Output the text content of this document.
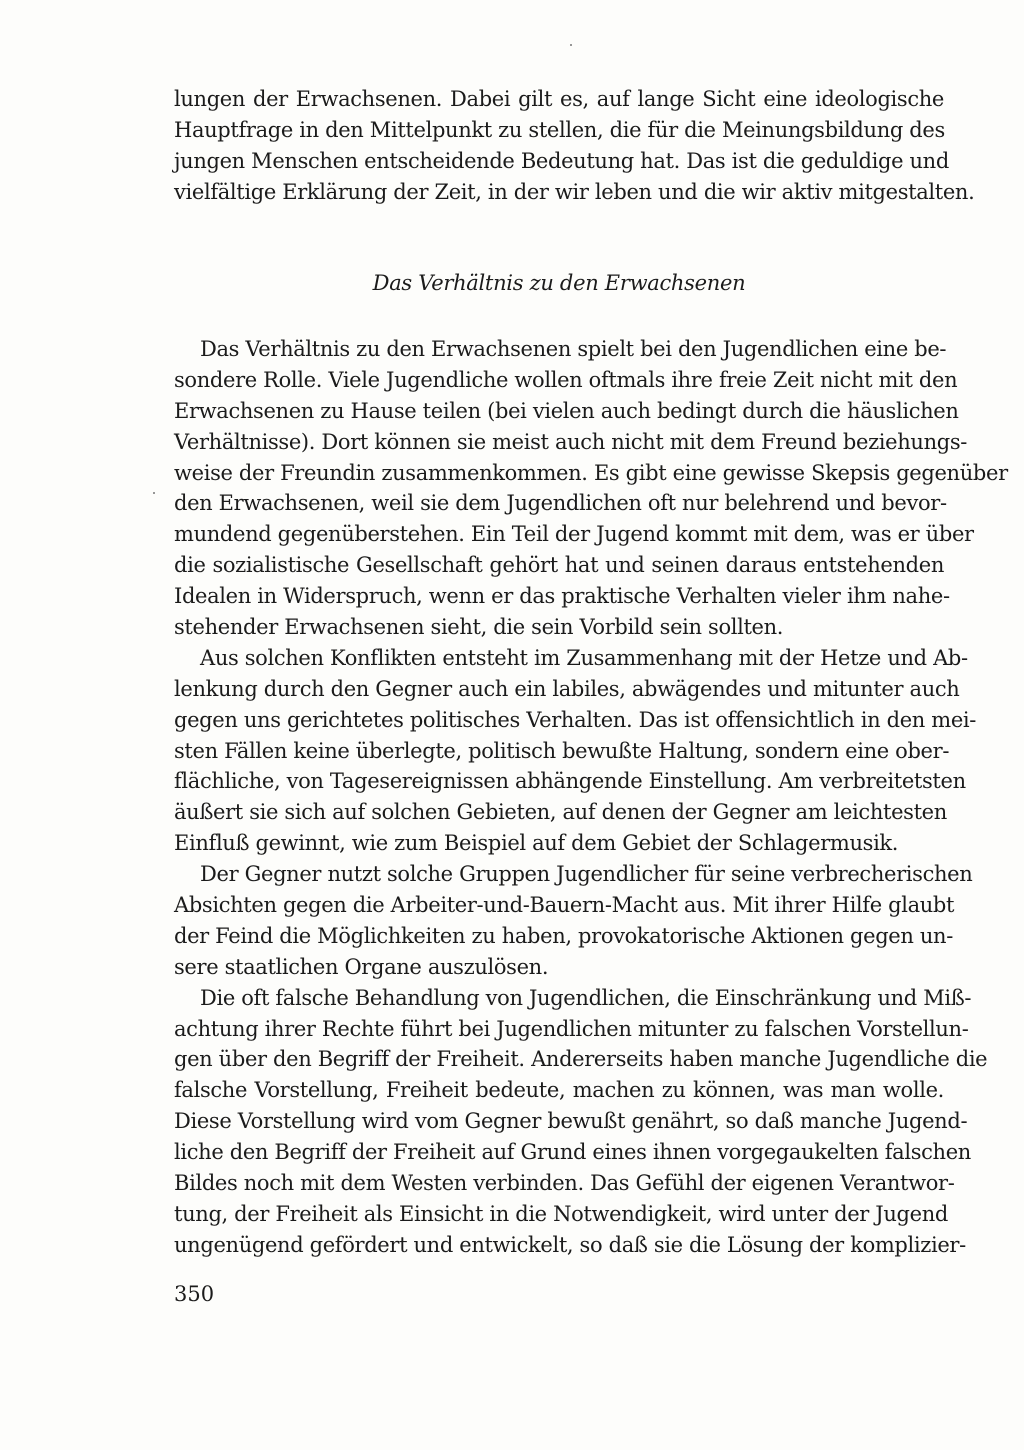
lungen der Erwachsenen. Dabei gilt es, auf lange Sicht eine ideologische
Hauptfrage in den Mittelpunkt zu stellen, die für die Meinungsbildung des
jungen Menschen entscheidende Bedeutung hat. Das ist die geduldige und
vielfältige Erklärung der Zeit, in der wir leben und die wir aktiv mitgestalten.
Das Verhältnis zu den Erwachsenen
Das Verhältnis zu den Erwachsenen spielt bei den Jugendlichen eine be-
sondere Rolle. Viele Jugendliche wollen oftmals ihre freie Zeit nicht mit den
Erwachsenen zu Hause teilen (bei vielen auch bedingt durch die häuslichen
Verhältnisse). Dort können sie meist auch nicht mit dem Freund beziehungs-
weise der Freundin zusammenkommen. Es gibt eine gewisse Skepsis gegenüber
den Erwachsenen, weil sie dem Jugendlichen oft nur belehrend und bevor-
mundend gegenüberstehen. Ein Teil der Jugend kommt mit dem, was er über
die sozialistische Gesellschaft gehört hat und seinen daraus entstehenden
Idealen in Widerspruch, wenn er das praktische Verhalten vieler ihm nahe-
stehender Erwachsenen sieht, die sein Vorbild sein sollten.
Aus solchen Konflikten entsteht im Zusammenhang mit der Hetze und Ab-
lenkung durch den Gegner auch ein labiles, abwägendes und mitunter auch
gegen uns gerichtetes politisches Verhalten. Das ist offensichtlich in den mei-
sten Fällen keine überlegte, politisch bewußte Haltung, sondern eine ober-
flächliche, von Tagesereignissen abhängende Einstellung. Am verbreitetsten
äußert sie sich auf solchen Gebieten, auf denen der Gegner am leichtesten
Einfluß gewinnt, wie zum Beispiel auf dem Gebiet der Schlagermusik.
Der Gegner nutzt solche Gruppen Jugendlicher für seine verbrecherischen
Absichten gegen die Arbeiter-und-Bauern-Macht aus. Mit ihrer Hilfe glaubt
der Feind die Möglichkeiten zu haben, provokatorische Aktionen gegen un-
sere staatlichen Organe auszulösen.
Die oft falsche Behandlung von Jugendlichen, die Einschränkung und Miß-
achtung ihrer Rechte führt bei Jugendlichen mitunter zu falschen Vorstellun-
gen über den Begriff der Freiheit. Andererseits haben manche Jugendliche die
falsche Vorstellung, Freiheit bedeute, machen zu können, was man wolle.
Diese Vorstellung wird vom Gegner bewußt genährt, so daß manche Jugend-
liche den Begriff der Freiheit auf Grund eines ihnen vorgegaukelten falschen
Bildes noch mit dem Westen verbinden. Das Gefühl der eigenen Verantwor-
tung, der Freiheit als Einsicht in die Notwendigkeit, wird unter der Jugend
ungenügend gefördert und entwickelt, so daß sie die Lösung der komplizier-
350
